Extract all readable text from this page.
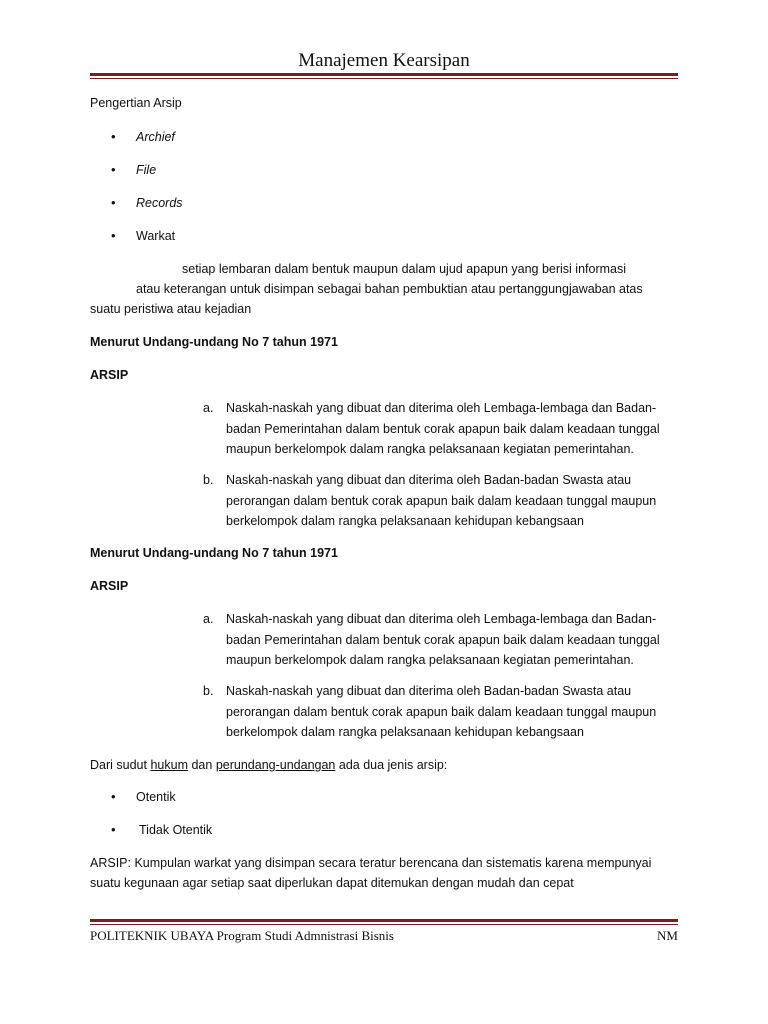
Manajemen Kearsipan
Pengertian Arsip
• Archief
• File
• Records
• Warkat
setiap lembaran dalam bentuk maupun dalam ujud apapun yang berisi informasi
atau keterangan untuk disimpan sebagai bahan pembuktian atau pertanggungjawaban atas
suatu peristiwa atau kejadian
Menurut Undang-undang No 7 tahun 1971
ARSIP
a. Naskah-naskah yang dibuat dan diterima oleh Lembaga-lembaga dan Badan-
badan Pemerintahan dalam bentuk corak apapun baik dalam keadaan tunggal
maupun berkelompok dalam rangka pelaksanaan kegiatan pemerintahan.
b. Naskah-naskah yang dibuat dan diterima oleh Badan-badan Swasta atau
perorangan dalam bentuk corak apapun baik dalam keadaan tunggal maupun
berkelompok dalam rangka pelaksanaan kehidupan kebangsaan
Menurut Undang-undang No 7 tahun 1971
ARSIP
a. Naskah-naskah yang dibuat dan diterima oleh Lembaga-lembaga dan Badan-
badan Pemerintahan dalam bentuk corak apapun baik dalam keadaan tunggal
maupun berkelompok dalam rangka pelaksanaan kegiatan pemerintahan.
b. Naskah-naskah yang dibuat dan diterima oleh Badan-badan Swasta atau
perorangan dalam bentuk corak apapun baik dalam keadaan tunggal maupun
berkelompok dalam rangka pelaksanaan kehidupan kebangsaan
Dari sudut hukum dan perundang-undangan ada dua jenis arsip:
• Otentik
• Tidak Otentik
ARSIP: Kumpulan warkat yang disimpan secara teratur berencana dan sistematis karena mempunyai
suatu kegunaan agar setiap saat diperlukan dapat ditemukan dengan mudah dan cepat
POLITEKNIK UBAYA Program Studi Admnistrasi Bisnis	NM
